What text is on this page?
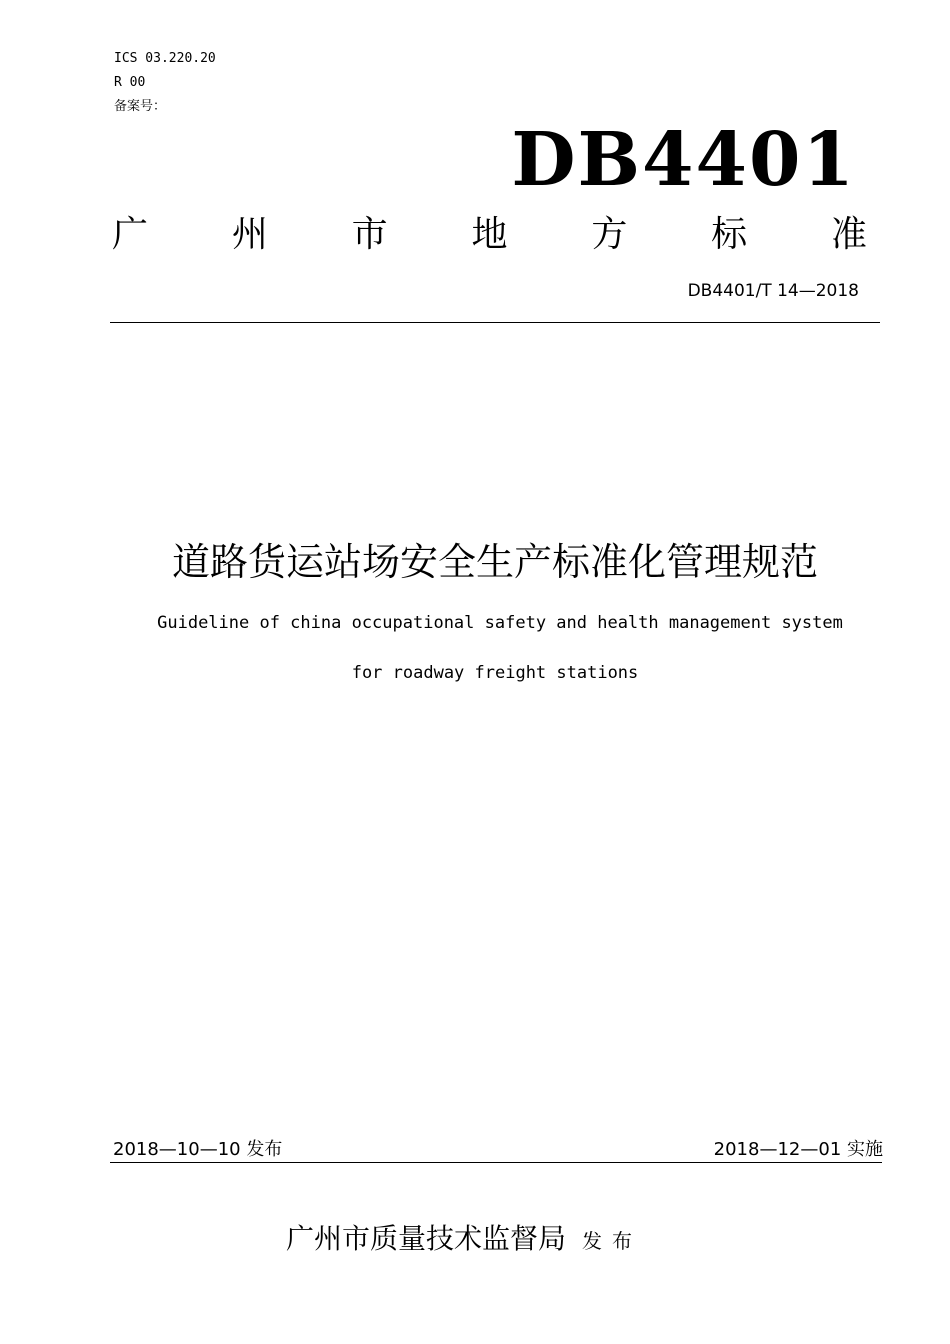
ICS 03.220.20
R 00
备案号：
DB4401
广 州 市 地 方 标 准
DB4401/T 14—2018
道路货运站场安全生产标准化管理规范
Guideline of china occupational safety and health management system
for roadway freight stations
2018—10—10 发布	2018—12—01 实施
广州市质量技术监督局 发布
